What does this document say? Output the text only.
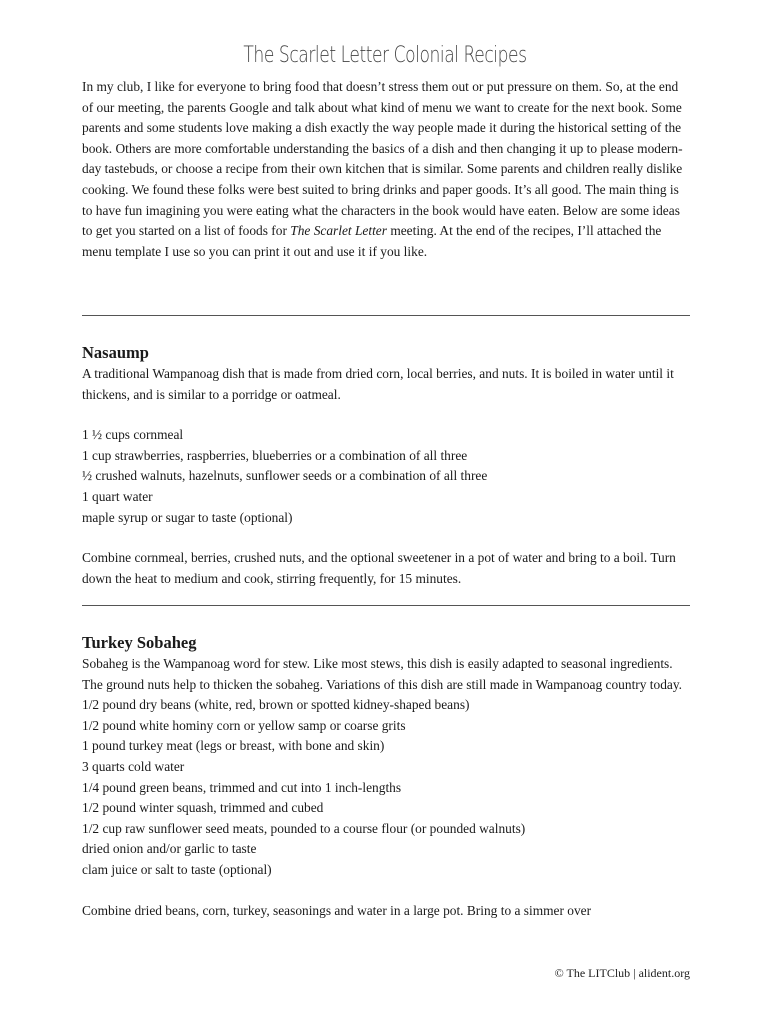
The Scarlet Letter Colonial Recipes

In my club, I like for everyone to bring food that doesn’t stress them out or put pressure on them. So, at the end of our meeting, the parents Google and talk about what kind of menu we want to create for the next book. Some parents and some students love making a dish exactly the way people made it during the historical setting of the book. Others are more comfortable understanding the basics of a dish and then changing it up to please modern-day tastebuds, or choose a recipe from their own kitchen that is similar. Some parents and children really dislike cooking. We found these folks were best suited to bring drinks and paper goods. It’s all good. The main thing is to have fun imagining you were eating what the characters in the book would have eaten. Below are some ideas to get you started on a list of foods for The Scarlet Letter meeting. At the end of the recipes, I’ll attached the menu template I use so you can print it out and use it if you like.

Nasaump

A traditional Wampanoag dish that is made from dried corn, local berries, and nuts. It is boiled in water until it thickens, and is similar to a porridge or oatmeal.

1 ½ cups cornmeal
1 cup strawberries, raspberries, blueberries or a combination of all three
½ crushed walnuts, hazelnuts, sunflower seeds or a combination of all three
1 quart water
maple syrup or sugar to taste (optional)

Combine cornmeal, berries, crushed nuts, and the optional sweetener in a pot of water and bring to a boil. Turn down the heat to medium and cook, stirring frequently, for 15 minutes.

Turkey Sobaheg

Sobaheg is the Wampanoag word for stew. Like most stews, this dish is easily adapted to seasonal ingredients. The ground nuts help to thicken the sobaheg. Variations of this dish are still made in Wampanoag country today.

1/2 pound dry beans (white, red, brown or spotted kidney-shaped beans)
1/2 pound white hominy corn or yellow samp or coarse grits
1 pound turkey meat (legs or breast, with bone and skin)
3 quarts cold water
1/4 pound green beans, trimmed and cut into 1 inch-lengths
1/2 pound winter squash, trimmed and cubed
1/2 cup raw sunflower seed meats, pounded to a course flour (or pounded walnuts)
dried onion and/or garlic to taste
clam juice or salt to taste (optional)

Combine dried beans, corn, turkey, seasonings and water in a large pot. Bring to a simmer over

© The LITClub | alident.org
